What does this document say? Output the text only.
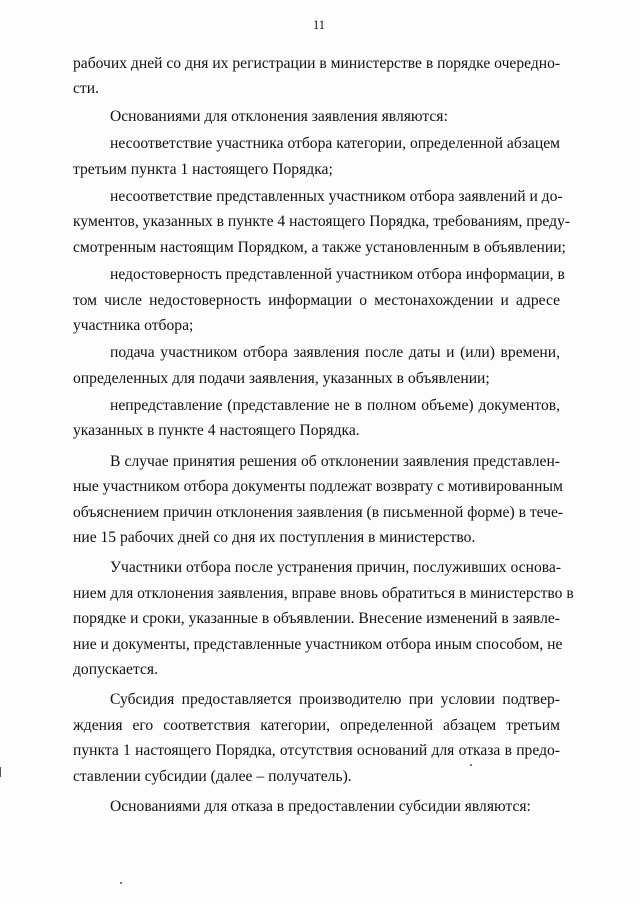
11
рабочих дней со дня их регистрации в министерстве в порядке очередно-
сти.
Основаниями для отклонения заявления являются:
несоответствие участника отбора категории, определенной абзацем
третьим пункта 1 настоящего Порядка;
несоответствие представленных участником отбора заявлений и до-
кументов, указанных в пункте 4 настоящего Порядка, требованиям, преду-
смотренным настоящим Порядком, а также установленным в объявлении;
недостоверность представленной участником отбора информации, в
том числе недостоверность информации о местонахождении и адресе
участника отбора;
подача участником отбора заявления после даты и (или) времени,
определенных для подачи заявления, указанных в объявлении;
непредставление (представление не в полном объеме) документов,
указанных в пункте 4 настоящего Порядка.
В случае принятия решения об отклонении заявления представлен-
ные участником отбора документы подлежат возврату с мотивированным
объяснением причин отклонения заявления (в письменной форме) в тече-
ние 15 рабочих дней со дня их поступления в министерство.
Участники отбора после устранения причин, послуживших основа-
нием для отклонения заявления, вправе вновь обратиться в министерство в
порядке и сроки, указанные в объявлении. Внесение изменений в заявле-
ние и документы, представленные участником отбора иным способом, не
допускается.
Субсидия предоставляется производителю при условии подтвер-
ждения его соответствия категории, определенной абзацем третьим
пункта 1 настоящего Порядка, отсутствия оснований для отказа в предо-
ставлении субсидии (далее – получатель).
Основаниями для отказа в предоставлении субсидии являются:
